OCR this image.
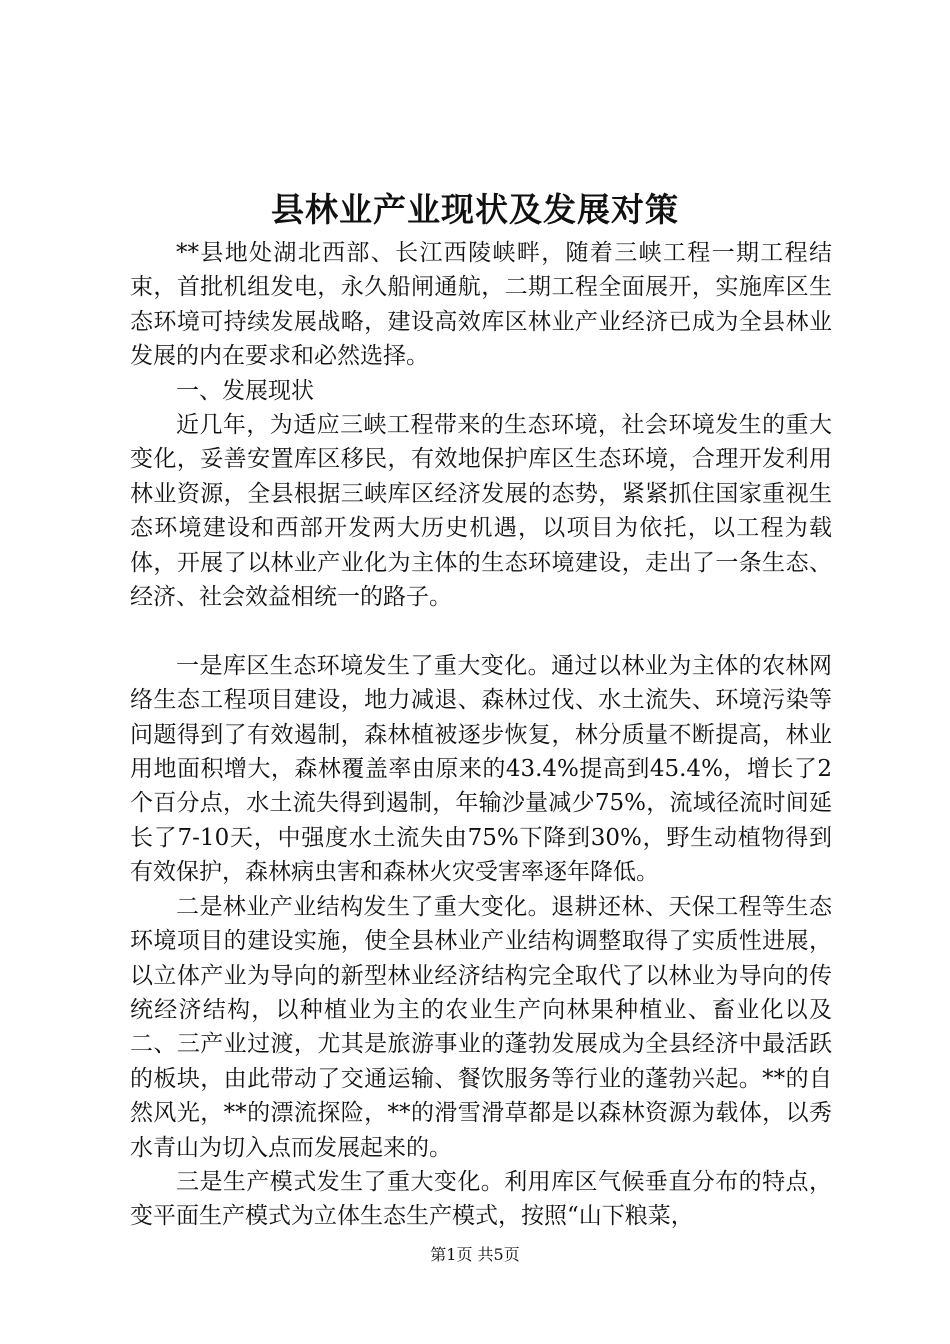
县林业产业现状及发展对策

**县地处湖北西部、长江西陵峡畔，随着三峡工程一期工程结束，首批机组发电，永久船闸通航，二期工程全面展开，实施库区生态环境可持续发展战略，建设高效库区林业产业经济已成为全县林业发展的内在要求和必然选择。

一、发展现状

近几年，为适应三峡工程带来的生态环境，社会环境发生的重大变化，妥善安置库区移民，有效地保护库区生态环境，合理开发利用林业资源，全县根据三峡库区经济发展的态势，紧紧抓住国家重视生态环境建设和西部开发两大历史机遇，以项目为依托，以工程为载体，开展了以林业产业化为主体的生态环境建设，走出了一条生态、经济、社会效益相统一的路子。

一是库区生态环境发生了重大变化。通过以林业为主体的农林网络生态工程项目建设，地力减退、森林过伐、水土流失、环境污染等问题得到了有效遏制，森林植被逐步恢复，林分质量不断提高，林业用地面积增大，森林覆盖率由原来的43.4%提高到45.4%，增长了2个百分点，水土流失得到遏制，年输沙量减少75%，流域径流时间延长了7-10天，中强度水土流失由75%下降到30%，野生动植物得到有效保护，森林病虫害和森林火灾受害率逐年降低。

二是林业产业结构发生了重大变化。退耕还林、天保工程等生态环境项目的建设实施，使全县林业产业结构调整取得了实质性进展，以立体产业为导向的新型林业经济结构完全取代了以林业为导向的传统经济结构，以种植业为主的农业生产向林果种植业、畜业化以及二、三产业过渡，尤其是旅游事业的蓬勃发展成为全县经济中最活跃的板块，由此带动了交通运输、餐饮服务等行业的蓬勃兴起。**的自然风光，**的漂流探险，**的滑雪滑草都是以森林资源为载体，以秀水青山为切入点而发展起来的。

三是生产模式发生了重大变化。利用库区气候垂直分布的特点，变平面生产模式为立体生态生产模式，按照“山下粮菜，

第1页 共5页
